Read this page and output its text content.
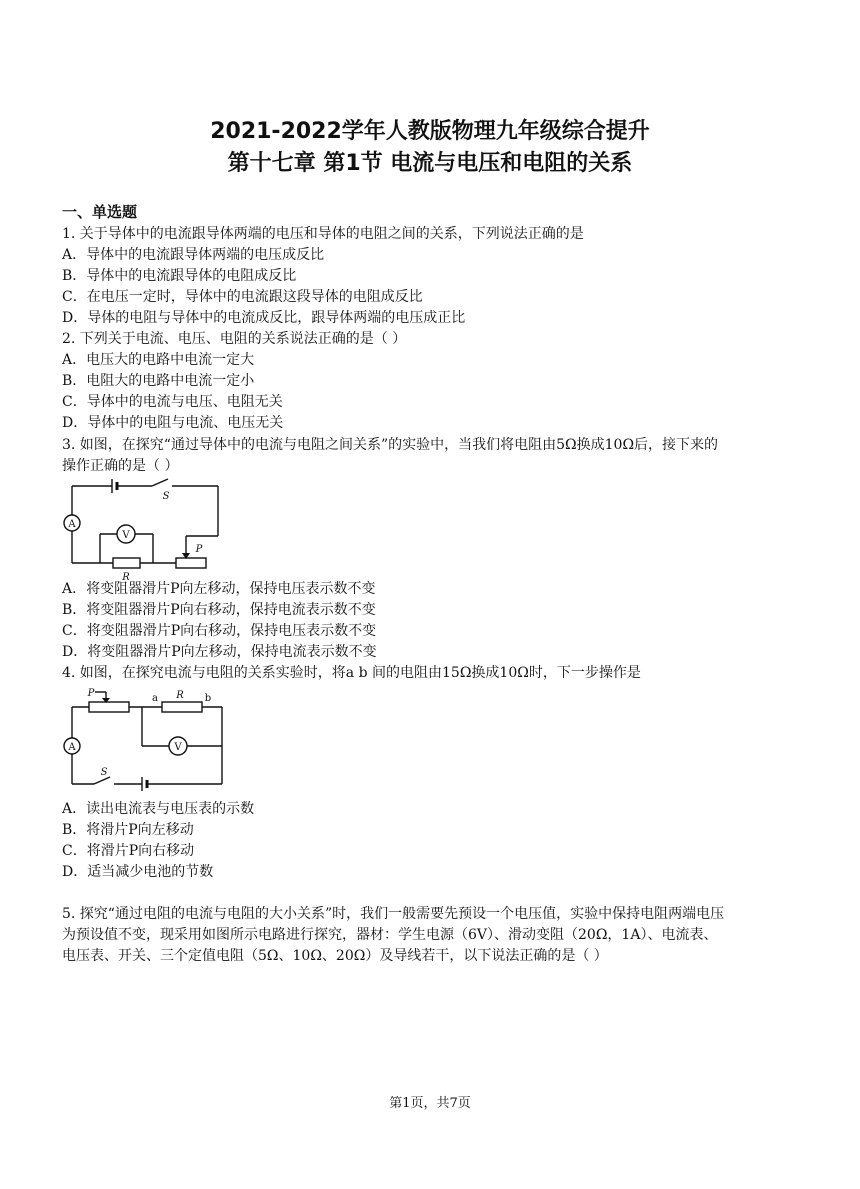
2021-2022学年人教版物理九年级综合提升
第十七章 第1节 电流与电压和电阻的关系
一、单选题
1. 关于导体中的电流跟导体两端的电压和导体的电阻之间的关系，下列说法正确的是
A．导体中的电流跟导体两端的电压成反比
B．导体中的电流跟导体的电阻成反比
C．在电压一定时，导体中的电流跟这段导体的电阻成反比
D．导体的电阻与导体中的电流成反比，跟导体两端的电压成正比
2. 下列关于电流、电压、电阻的关系说法正确的是（ ）
A．电压大的电路中电流一定大
B．电阻大的电路中电流一定小
C．导体中的电流与电压、电阻无关
D．导体中的电阻与电流、电压无关
3. 如图，在探究“通过导体中的电流与电阻之间关系”的实验中，当我们将电阻由5Ω换成10Ω后，接下来的
操作正确的是（ ）
S
A
V
R
P
A．将变阻器滑片P向左移动，保持电压表示数不变
B．将变阻器滑片P向右移动，保持电流表示数不变
C．将变阻器滑片P向右移动，保持电压表示数不变
D．将变阻器滑片P向左移动，保持电流表示数不变
4. 如图，在探究电流与电阻的关系实验时，将a b 间的电阻由15Ω换成10Ω时，下一步操作是
P	a R b
A	V
S
A．读出电流表与电压表的示数
B．将滑片P向左移动
C．将滑片P向右移动
D．适当减少电池的节数
5. 探究“通过电阻的电流与电阻的大小关系”时，我们一般需要先预设一个电压值，实验中保持电阻两端电压
为预设值不变，现采用如图所示电路进行探究，器材：学生电源（6V）、滑动变阻（20Ω，1A）、电流表、
电压表、开关、三个定值电阻（5Ω、10Ω、20Ω）及导线若干，以下说法正确的是（ ）
第1页，共7页
